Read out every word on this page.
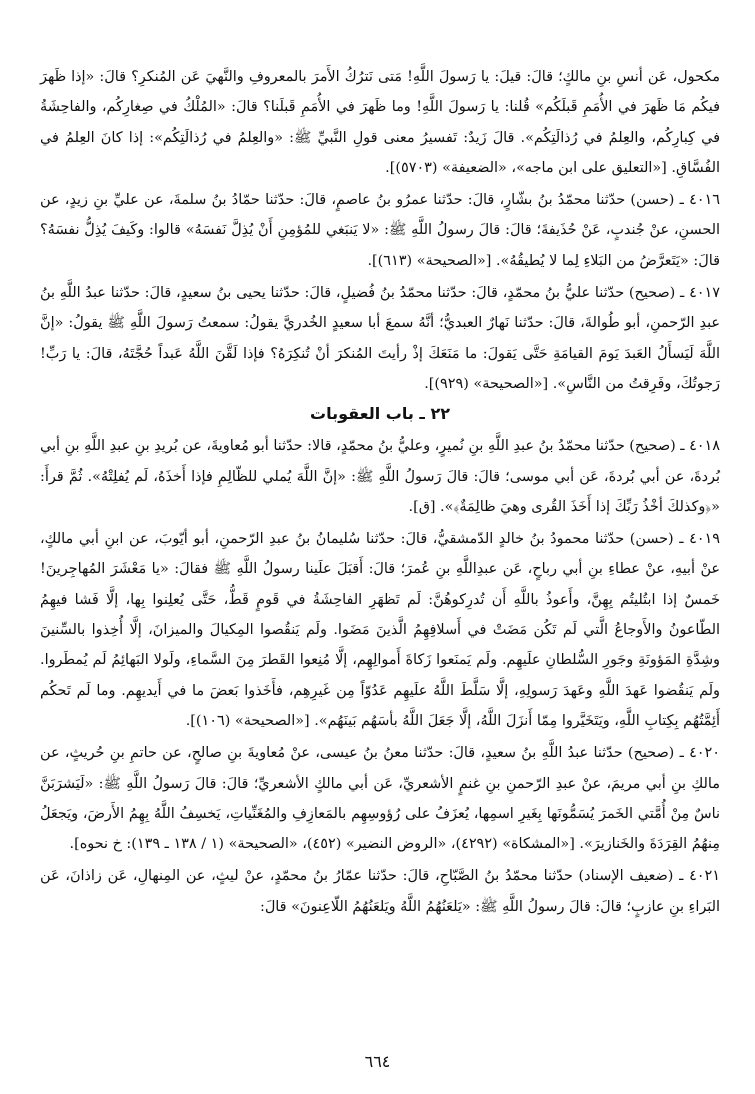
مكحول، عَن أنسِ بنِ مالكٍ؛ قالَ: قيلَ: يا رَسولَ اللَّهِ! مَتى نَترُكُ الأَمرَ بالمعروفِ والنَّهيَ عَن المُنكرِ؟ قالَ: «إذا ظَهرَ فيكُم مَا ظَهرَ في الأُمَمِ قَبلَكُم» قُلنا: يا رَسولَ اللَّهِ! وما ظَهرَ في الأُمَمِ قَبلَنا؟ قالَ: «المُلْكُ في صِغارِكُم، والفاحِشَةُ في كِبارِكُم، والعِلمُ في رُذالَتِكُم». قالَ زَيدٌ: تَفسيرُ معنى قولِ النَّبيِّ ﷺ: «والعِلمُ في رُذالَتِكُم»: إذا كانَ العِلمُ في الفُسَّاقِ. [«التعليق على ابن ماجه»، «الضعيفة» (٥٧٠٣)].

٤٠١٦ ـ (حسن) حدّثنا محمّدُ بنُ بشّارٍ، قالَ: حدّثنا عمرُو بنُ عاصمٍ، قالَ: حدّثنا حمّادُ بنُ سلمةَ، عن عليِّ بنِ زيدٍ، عن الحسنِ، عنْ جُندبٍ، عَنْ حُذَيفةَ؛ قالَ: قالَ رسولُ اللَّهِ ﷺ: «لا يَنبَغي للمُؤمِنِ أَنْ يُذِلَّ نَفسَهُ» قالوا: وكَيفَ يُذِلُّ نفسَهُ؟ قالَ: «يَتَعرَّضُ من البَلاءِ لِما لا يُطيقُهُ». [«الصحيحة» (٦١٣)].

٤٠١٧ ـ (صحيح) حدّثنا عليُّ بنُ محمّدٍ، قالَ: حدّثنا محمّدُ بنُ فُضيلٍ، قالَ: حدّثنا يحيى بنُ سعيدٍ، قالَ: حدّثنا عبدُ اللَّهِ بنُ عبدِ الرّحمنِ، أبو طُوالةَ، قالَ: حدّثنا نَهارٌ العبديُّ؛ أنَّهُ سمعَ أبا سعيدٍ الخُدريَّ يقولُ: سمعتُ رَسولَ اللَّهِ ﷺ يقولُ: «إنَّ اللَّهَ لَيَسأَلُ العَبدَ يَومَ القيامَةِ حَتَّى يَقولَ: ما مَنَعَكَ إذْ رأيتَ المُنكرَ أنْ تُنكِرَهُ؟ فإذا لَقَّنَ اللَّهُ عَبداً حُجَّتَهُ، قالَ: يا رَبِّ! رَجوتُكَ، وفَرِقتُ من النَّاسِ». [«الصحيحة» (٩٢٩)].

٢٢ ـ باب العقوبات

٤٠١٨ ـ (صحيح) حدّثنا محمّدُ بنُ عبدِ اللَّهِ بنِ نُميرٍ، وعليُّ بنُ محمّدٍ، قالا: حدّثنا أبو مُعاويةَ، عن بُريدِ بنِ عبدِ اللَّهِ بنِ أبي بُردةَ، عن أبي بُردةَ، عَن أبي موسى؛ قالَ: قالَ رَسولُ اللَّهِ ﷺ: «إنَّ اللَّهَ يُملي للظّالِمِ فإذا أَخذَهُ، لَم يُفلِتْهُ». ثُمَّ قرأَ: «﴿وكذلكَ أخْذُ رَبِّكَ إذا أَخَذَ القُرى وهيَ ظالِمَةٌ﴾». [ق].

٤٠١٩ ـ (حسن) حدّثنا محمودُ بنُ خالدٍ الدّمشقيُّ، قالَ: حدّثنا سُليمانُ بنُ عبدِ الرّحمنِ، أبو أيّوبَ، عن ابنِ أبي مالكٍ، عنْ أبيهِ، عنْ عطاءِ بنِ أبي رباحٍ، عَن عبدِاللَّهِ بنِ عُمرَ؛ قالَ: أَقبَلَ علَينا رسولُ اللَّهِ ﷺ فقالَ: «يا مَعْشَرَ المُهاجِرينَ! خَمسٌ إذا ابتُليتُم بِهِنَّ، وأَعوذُ باللَّهِ أَن تُدرِكوهُنَّ: لَم تَظهَرِ الفاحِشَةُ في قَومٍ قَطُّ، حَتَّى يُعلِنوا بِها، إلَّا فَشا فيهِمُ الطّاعونُ والأَوجاعُ الَّتي لَم تَكُن مَضَتْ في أَسلافِهِمُ الَّذينَ مَضَوا. ولَم يَنقُصوا المِكيالَ والميزانَ، إلَّا أُخِذوا بالسِّنينَ وشِدَّةِ المَؤونَةِ وجَورِ السُّلطانِ علَيهِم. ولَم يَمنَعوا زَكاةَ أَموالِهِم، إلَّا مُنِعوا القَطرَ مِنَ السَّماءِ، ولَولا البَهائِمُ لَم يُمطَروا. ولَم يَنقُضوا عَهدَ اللَّهِ وعَهدَ رَسولِهِ، إلَّا سَلَّطَ اللَّهُ علَيهِم عَدُوّاً مِن غَيرِهِم، فأَخَذوا بَعضَ ما في أَيديهِم. وما لَم تَحكُم أَئِمَّتُهُم بِكِتابِ اللَّهِ، ويَتَخَيَّروا مِمّا أَنزَلَ اللَّهُ، إلَّا جَعَلَ اللَّهُ بأسَهُم بَينَهُم». [«الصحيحة» (١٠٦)].

٤٠٢٠ ـ (صحيح) حدّثنا عبدُ اللَّهِ بنُ سعيدٍ، قالَ: حدّثنا معنُ بنُ عيسى، عنْ مُعاويةَ بنِ صالحٍ، عن حاتمِ بنِ حُريثٍ، عن مالكِ بنِ أبي مريمَ، عنْ عبدِ الرّحمنِ بنِ غنمٍ الأشعريِّ، عَن أبي مالكٍ الأشعريِّ؛ قالَ: قالَ رَسولُ اللَّهِ ﷺ: «لَيَشرَبَنَّ ناسٌ مِنْ أُمَّتي الخَمرَ يُسَمُّونَها بِغَيرِ اسمِها، يُعزَفُ على رُؤوسِهِم بالمَعازِفِ والمُغَنِّياتِ، يَخسِفُ اللَّهُ بِهِمُ الأَرضَ، ويَجعَلُ مِنهُمُ القِرَدَةَ والخَنازيرَ». [«المشكاة» (٤٢٩٢)، «الروض النضير» (٤٥٢)، «الصحيحة» (١ / ١٣٨ ـ ١٣٩): خ نحوه].

٤٠٢١ ـ (ضعيف الإسناد) حدّثنا محمّدُ بنُ الصَّبّاحِ، قالَ: حدّثنا عمّارُ بنُ محمّدٍ، عنْ ليثٍ، عن المِنهالِ، عَن زاذانَ، عَن البَراءِ بنِ عازبٍ؛ قالَ: قالَ رسولُ اللَّهِ ﷺ: «يَلعَنُهُمُ اللَّهُ ويَلعَنُهُمُ اللّاعِنونَ» قالَ:

٦٦٤
